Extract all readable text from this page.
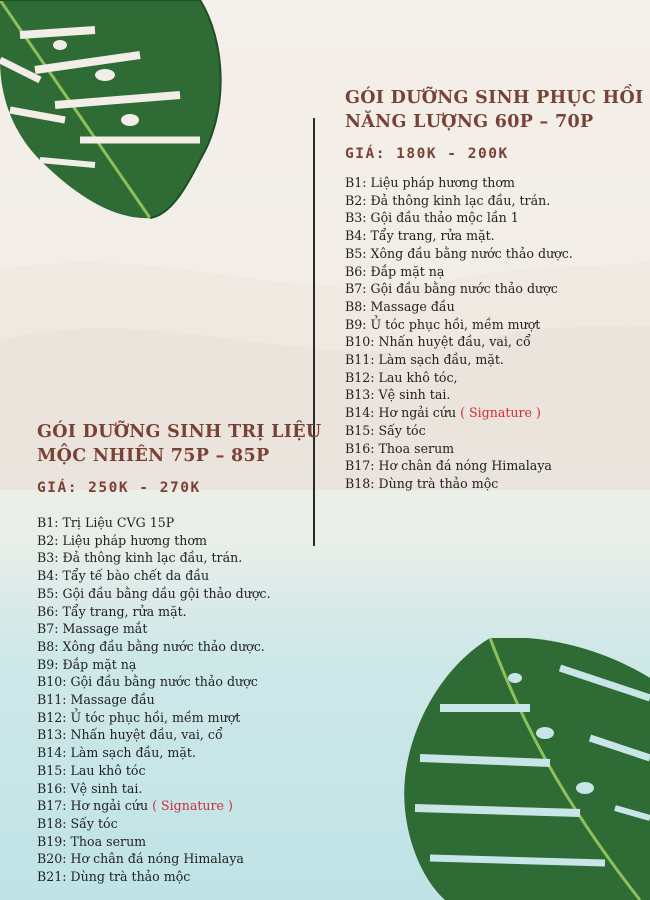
GÓI DƯỠNG SINH PHỤC HỒI
NĂNG LƯỢNG 60P – 70P
GIÁ: 180K - 200K
B1: Liệu pháp hương thơm
B2: Đả thông kinh lạc đầu, trán.
B3: Gội đầu thảo mộc lần 1
B4: Tẩy trang, rửa mặt.
B5: Xông đầu bằng nước thảo dược.
B6: Đắp mặt nạ
B7: Gội đầu bằng nước thảo dược
B8: Massage đầu
B9: Ủ tóc phục hồi, mềm mượt
B10: Nhấn huyệt đầu, vai, cổ
B11: Làm sạch đầu, mặt.
B12: Lau khô tóc,
B13: Vệ sinh tai.
B14: Hơ ngải cứu ( Signature )
B15: Sấy tóc
B16: Thoa serum
B17: Hơ chân đá nóng Himalaya
B18: Dùng trà thảo mộc
GÓI DƯỠNG SINH TRỊ LIỆU
MỘC NHIÊN 75P – 85P
GIÁ: 250K - 270K
B1: Trị Liệu CVG 15P
B2: Liệu pháp hương thơm
B3: Đả thông kinh lạc đầu, trán.
B4: Tẩy tế bào chết da đầu
B5: Gội đầu bằng dầu gội thảo dược.
B6: Tẩy trang, rửa mặt.
B7: Massage mắt
B8: Xông đầu bằng nước thảo dược.
B9: Đắp mặt nạ
B10: Gội đầu bằng nước thảo dược
B11: Massage đầu
B12: Ủ tóc phục hồi, mềm mượt
B13: Nhấn huyệt đầu, vai, cổ
B14: Làm sạch đầu, mặt.
B15: Lau khô tóc
B16: Vệ sinh tai.
B17: Hơ ngải cứu ( Signature )
B18: Sấy tóc
B19: Thoa serum
B20: Hơ chân đá nóng Himalaya
B21: Dùng trà thảo mộc
